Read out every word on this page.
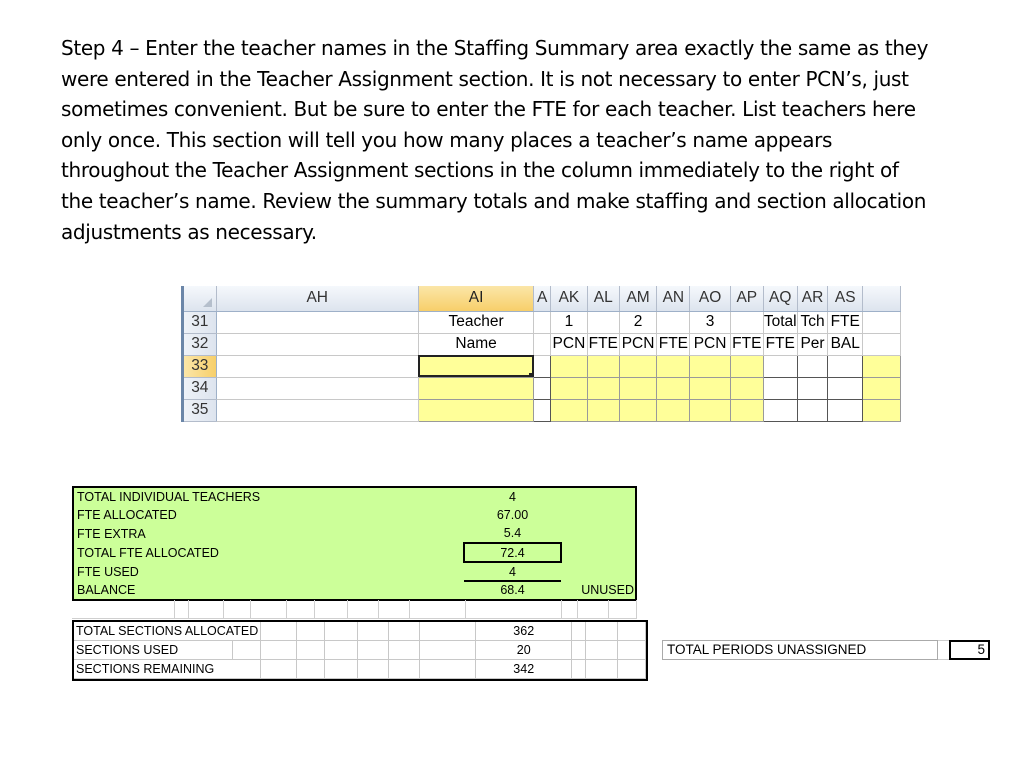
Step 4 – Enter the teacher names in the Staffing Summary area exactly the same as they
were entered in the Teacher Assignment section. It is not necessary to enter PCN’s, just
sometimes convenient. But be sure to enter the FTE for each teacher. List teachers here
only once. This section will tell you how many places a teacher’s name appears
throughout the Teacher Assignment sections in the column immediately to the right of
the teacher’s name. Review the summary totals and make staffing and section allocation
adjustments as necessary.
	AH	AI	A	AK	AL	AM	AN	AO	AP	AQ	AR	AS	
31		Teacher		1		2		3		Total	Tch	FTE	
32		Name		PCN	FTE	PCN	FTE	PCN	FTE	FTE	Per	BAL	
33													
34													
35													
TOTAL INDIVIDUAL TEACHERS	4	
FTE ALLOCATED	67.00	
FTE EXTRA	5.4	
TOTAL FTE ALLOCATED	72.4	
FTE USED	4	
BALANCE	68.4	UNUSED
TOTAL SECTIONS ALLOCATED								362			
SECTIONS USED								20			
SECTIONS REMAINING								342			
TOTAL PERIODS UNASSIGNED	5
